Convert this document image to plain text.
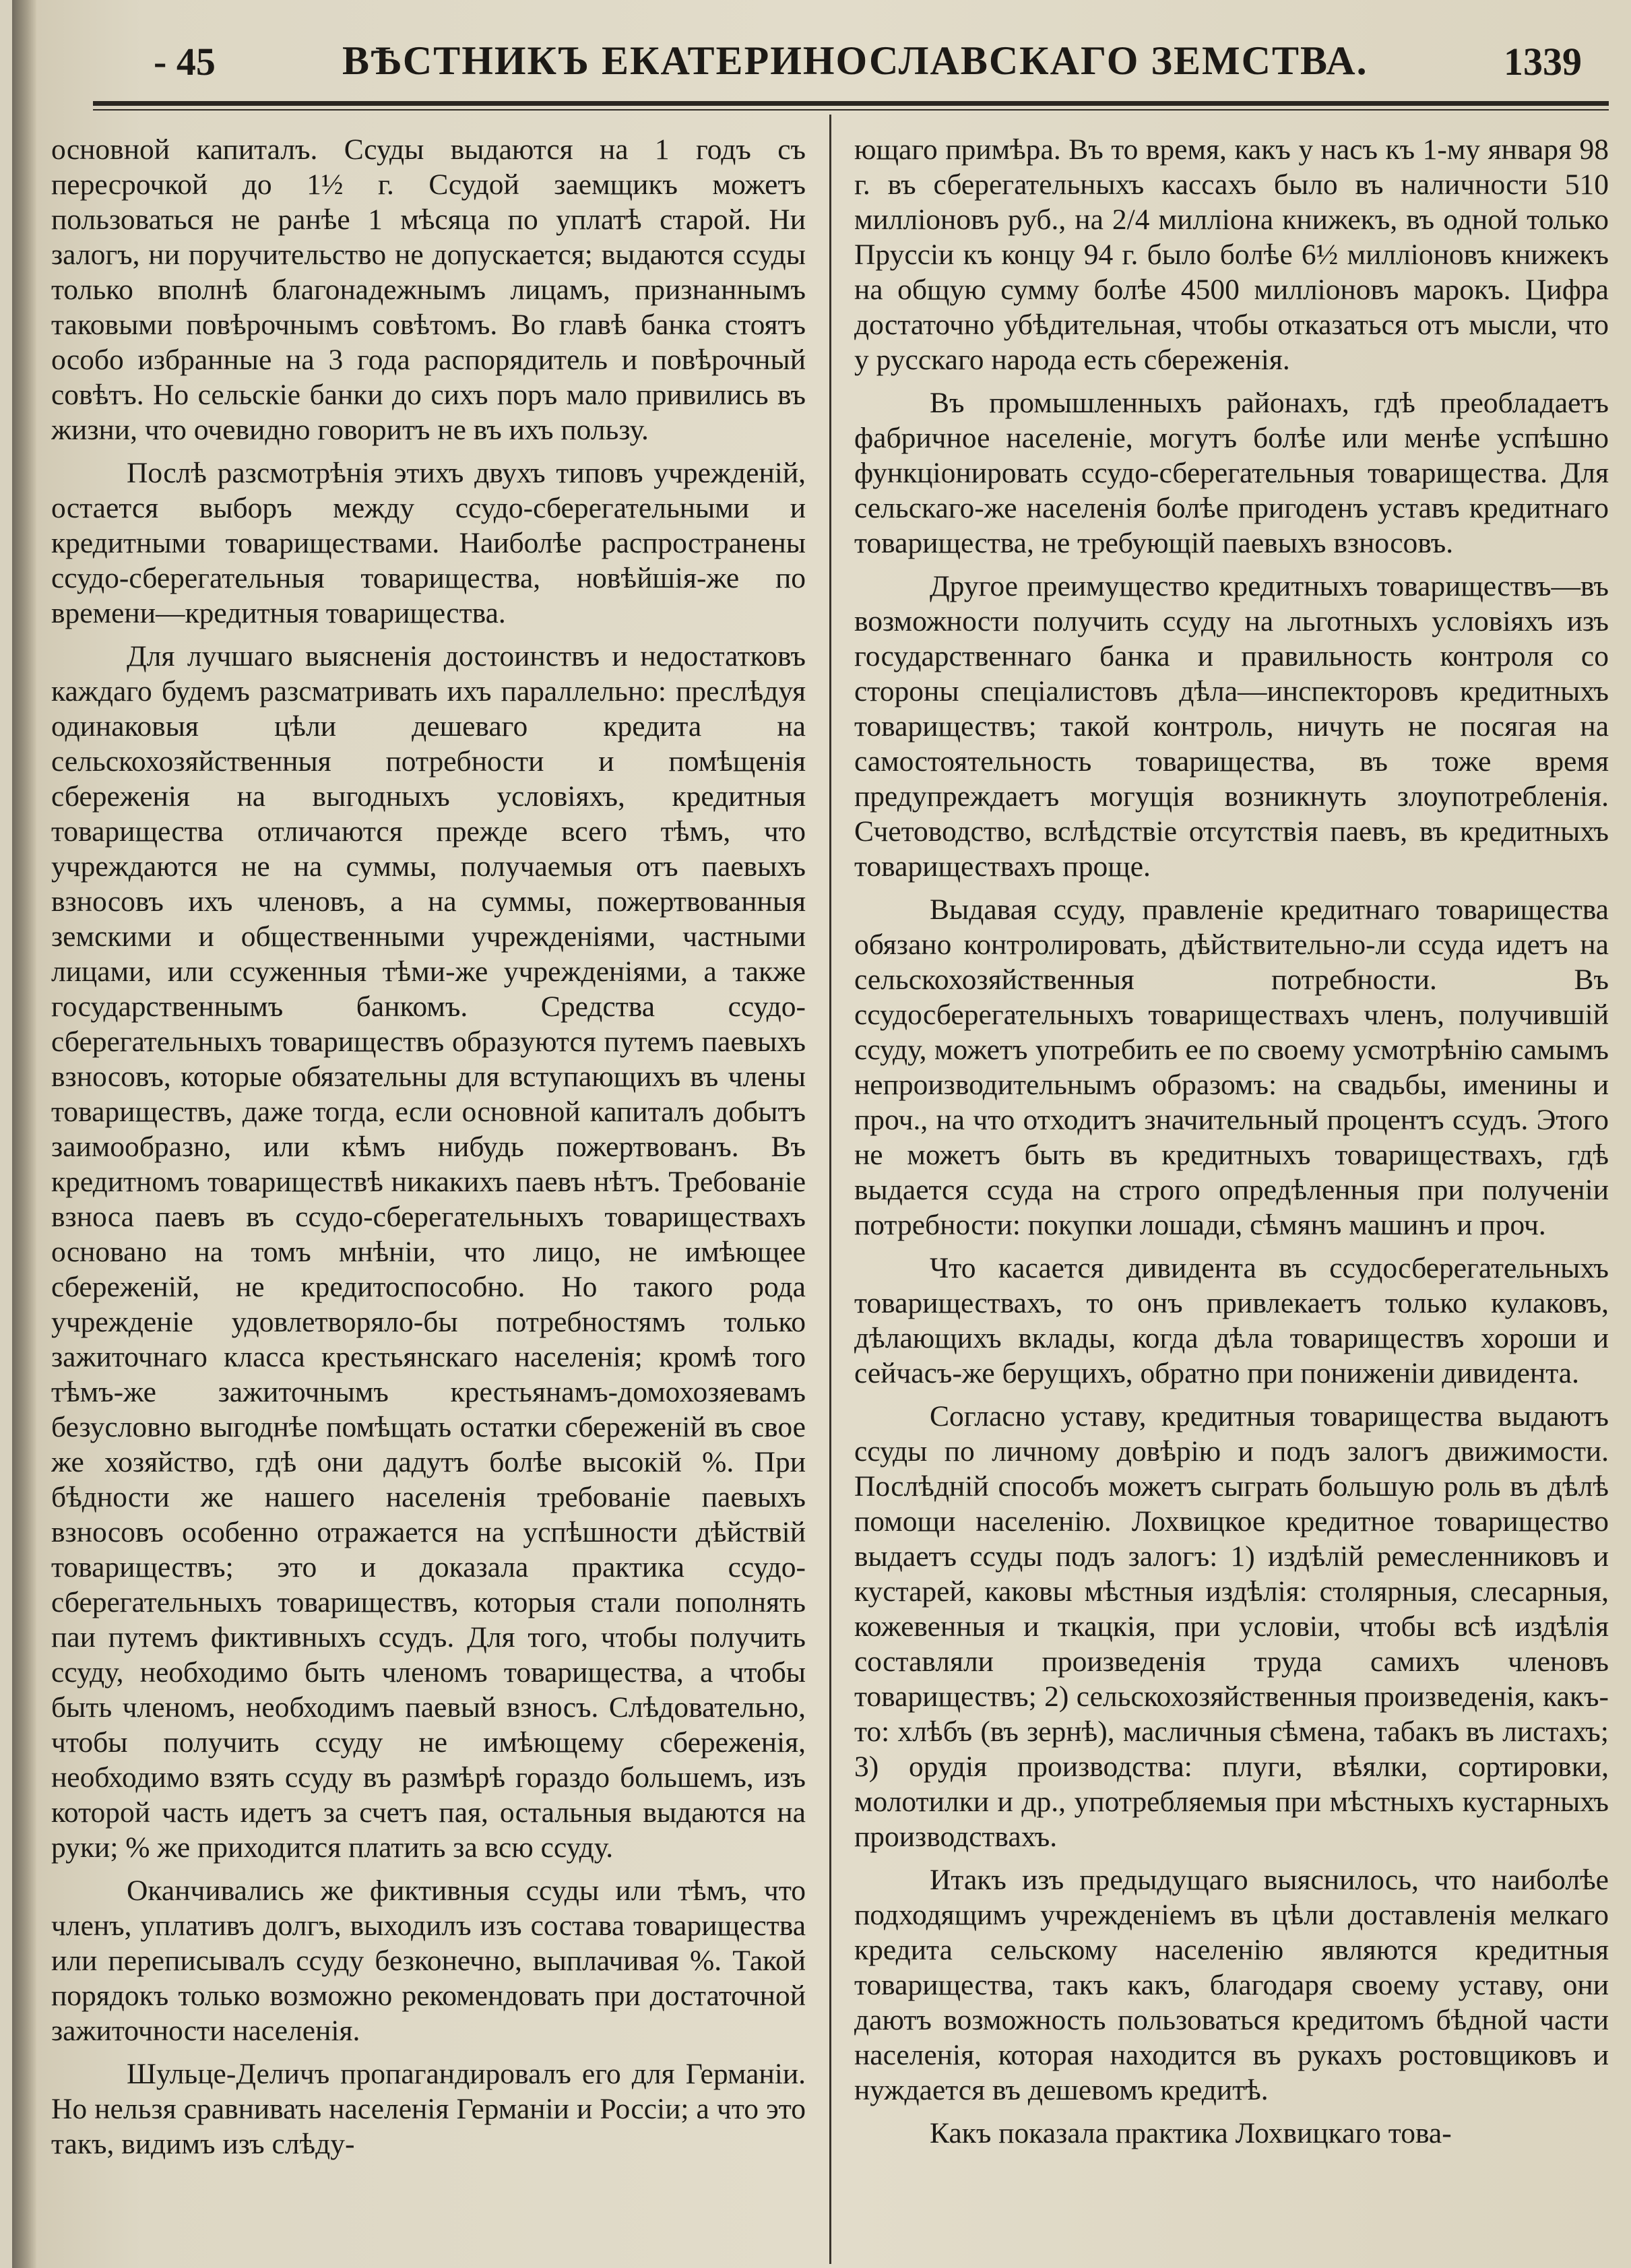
- 45	ВѢСТНИКЪ ЕКАТЕРИНОСЛАВСКАГО ЗЕМСТВА.	1339

основной капиталъ. Ссуды выдаются на 1 годъ съ пересрочкой до 1½ г. Ссудой заемщикъ можетъ пользоваться не ранѣе 1 мѣсяца по уплатѣ старой. Ни залогъ, ни поручительство не допускается; выдаются ссуды только вполнѣ благонадежнымъ лицамъ, признаннымъ таковыми повѣрочнымъ совѣтомъ. Во главѣ банка стоятъ особо избранные на 3 года распорядитель и повѣрочный совѣтъ. Но сельскіе банки до сихъ поръ мало привились въ жизни, что очевидно говоритъ не въ ихъ пользу.

Послѣ разсмотрѣнія этихъ двухъ типовъ учрежденій, остается выборъ между ссудо-сберегательными и кредитными товариществами. Наиболѣе распространены ссудо-сберегательныя товарищества, новѣйшія-же по времени—кредитныя товарищества.

Для лучшаго выясненія достоинствъ и недостатковъ каждаго будемъ разсматривать ихъ параллельно: преслѣдуя одинаковыя цѣли дешеваго кредита на сельскохозяйственныя потребности и помѣщенія сбереженія на выгодныхъ условіяхъ, кредитныя товарищества отличаются прежде всего тѣмъ, что учреждаются не на суммы, получаемыя отъ паевыхъ взносовъ ихъ членовъ, а на суммы, пожертвованныя земскими и общественными учрежденіями, частными лицами, или ссуженныя тѣми-же учрежденіями, а также государственнымъ банкомъ. Средства ссудо-сберегательныхъ товариществъ образуются путемъ паевыхъ взносовъ, которые обязательны для вступающихъ въ члены товариществъ, даже тогда, если основной капиталъ добытъ заимообразно, или кѣмъ нибудь пожертвованъ. Въ кредитномъ товариществѣ никакихъ паевъ нѣтъ. Требованіе взноса паевъ въ ссудо-сберегательныхъ товариществахъ основано на томъ мнѣніи, что лицо, не имѣющее сбереженій, не кредитоспособно. Но такого рода учрежденіе удовлетворяло-бы потребностямъ только зажиточнаго класса крестьянскаго населенія; кромѣ того тѣмъ-же зажиточнымъ крестьянамъ-домохозяевамъ безусловно выгоднѣе помѣщать остатки сбереженій въ свое же хозяйство, гдѣ они дадутъ болѣе высокій %. При бѣдности же нашего населенія требованіе паевыхъ взносовъ особенно отражается на успѣшности дѣйствій товариществъ; это и доказала практика ссудо-сберегательныхъ товариществъ, которыя стали пополнять паи путемъ фиктивныхъ ссудъ. Для того, чтобы получить ссуду, необходимо быть членомъ товарищества, а чтобы быть членомъ, необходимъ паевый взносъ. Слѣдовательно, чтобы получить ссуду не имѣющему сбереженія, необходимо взять ссуду въ размѣрѣ гораздо большемъ, изъ которой часть идетъ за счетъ пая, остальныя выдаются на руки; % же приходится платить за всю ссуду.

Оканчивались же фиктивныя ссуды или тѣмъ, что членъ, уплативъ долгъ, выходилъ изъ состава товарищества или переписывалъ ссуду безконечно, выплачивая %. Такой порядокъ только возможно рекомендовать при достаточной зажиточности населенія.

Шульце-Деличъ пропагандировалъ его для Германіи. Но нельзя сравнивать населенія Германіи и Россіи; а что это такъ, видимъ изъ слѣду-

ющаго примѣра. Въ то время, какъ у насъ къ 1-му января 98 г. въ сберегательныхъ кассахъ было въ наличности 510 милліоновъ руб., на 2/4 милліона книжекъ, въ одной только Пруссіи къ концу 94 г. было болѣе 6½ милліоновъ книжекъ на общую сумму болѣе 4500 милліоновъ марокъ. Цифра достаточно убѣдительная, чтобы отказаться отъ мысли, что у русскаго народа есть сбереженія.

Въ промышленныхъ районахъ, гдѣ преобладаетъ фабричное населеніе, могутъ болѣе или менѣе успѣшно функціонировать ссудо-сберегательныя товарищества. Для сельскаго-же населенія болѣе пригоденъ уставъ кредитнаго товарищества, не требующій паевыхъ взносовъ.

Другое преимущество кредитныхъ товариществъ—въ возможности получить ссуду на льготныхъ условіяхъ изъ государственнаго банка и правильность контроля со стороны спеціалистовъ дѣла—инспекторовъ кредитныхъ товариществъ; такой контроль, ничуть не посягая на самостоятельность товарищества, въ тоже время предупреждаетъ могущія возникнуть злоупотребленія. Счетоводство, вслѣдствіе отсутствія паевъ, въ кредитныхъ товариществахъ проще.

Выдавая ссуду, правленіе кредитнаго товарищества обязано контролировать, дѣйствительно-ли ссуда идетъ на сельскохозяйственныя потребности. Въ ссудосберегательныхъ товариществахъ членъ, получившій ссуду, можетъ употребить ее по своему усмотрѣнію самымъ непроизводительнымъ образомъ: на свадьбы, именины и проч., на что отходитъ значительный процентъ ссудъ. Этого не можетъ быть въ кредитныхъ товариществахъ, гдѣ выдается ссуда на строго опредѣленныя при полученіи потребности: покупки лошади, сѣмянъ машинъ и проч.

Что касается дивидента въ ссудосберегательныхъ товариществахъ, то онъ привлекаетъ только кулаковъ, дѣлающихъ вклады, когда дѣла товариществъ хороши и сейчасъ-же берущихъ, обратно при пониженіи дивидента.

Согласно уставу, кредитныя товарищества выдаютъ ссуды по личному довѣрію и подъ залогъ движимости. Послѣдній способъ можетъ сыграть большую роль въ дѣлѣ помощи населенію. Лохвицкое кредитное товарищество выдаетъ ссуды подъ залогъ: 1) издѣлій ремесленниковъ и кустарей, каковы мѣстныя издѣлія: столярныя, слесарныя, кожевенныя и ткацкія, при условіи, чтобы всѣ издѣлія составляли произведенія труда самихъ членовъ товариществъ; 2) сельскохозяйственныя произведенія, какъ-то: хлѣбъ (въ зернѣ), масличныя сѣмена, табакъ въ листахъ; 3) орудія производства: плуги, вѣялки, сортировки, молотилки и др., употребляемыя при мѣстныхъ кустарныхъ производствахъ.

Итакъ изъ предыдущаго выяснилось, что наиболѣе подходящимъ учрежденіемъ въ цѣли доставленія мелкаго кредита сельскому населенію являются кредитныя товарищества, такъ какъ, благодаря своему уставу, они даютъ возможность пользоваться кредитомъ бѣдной части населенія, которая находится въ рукахъ ростовщиковъ и нуждается въ дешевомъ кредитѣ.

Какъ показала практика Лохвицкаго това-
